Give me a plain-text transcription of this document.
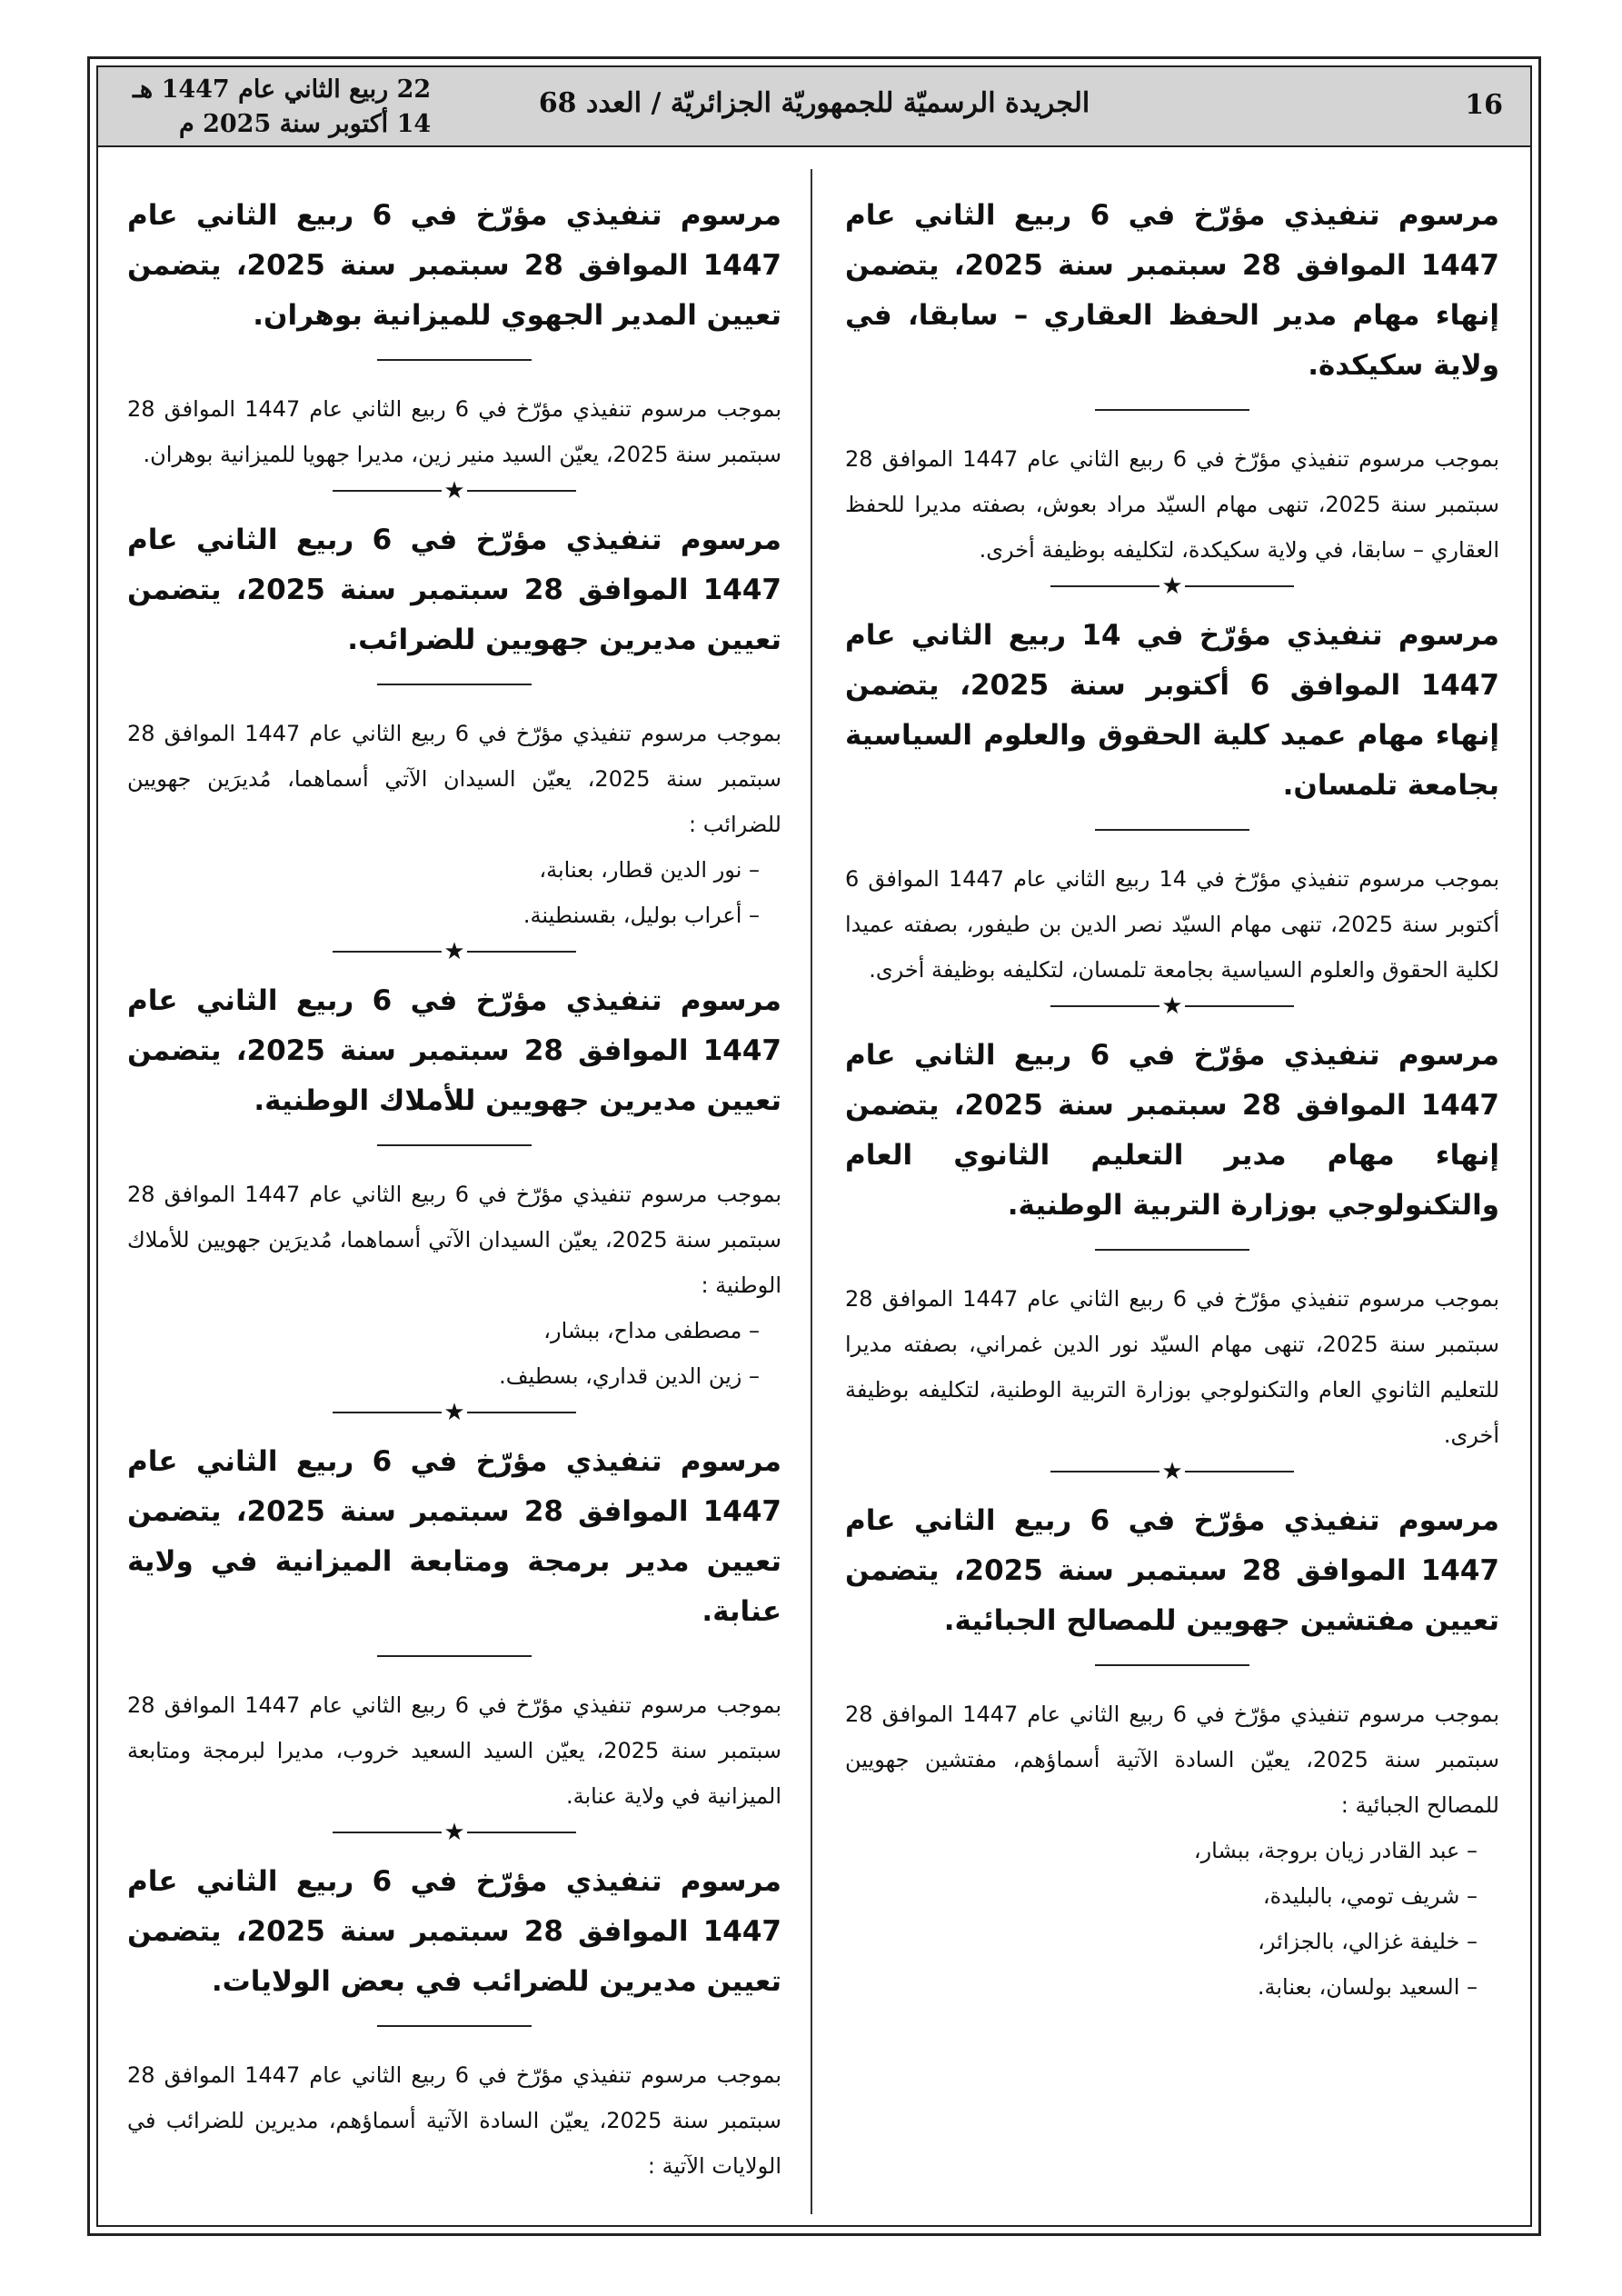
16
الجريدة الرسميّة للجمهوريّة الجزائريّة / العدد 68
22 ربيع الثاني عام 1447 هـ
14 أكتوبر سنة 2025 م

مرسوم تنفيذي مؤرّخ في 6 ربيع الثاني عام 1447 الموافق 28 سبتمبر سنة 2025، يتضمن إنهاء مهام مدير الحفظ العقاري – سابقا، في ولاية سكيكدة.

بموجب مرسوم تنفيذي مؤرّخ في 6 ربيع الثاني عام 1447 الموافق 28 سبتمبر سنة 2025، تنهى مهام السيّد مراد بعوش، بصفته مديرا للحفظ العقاري – سابقا، في ولاية سكيكدة، لتكليفه بوظيفة أخرى.

★

مرسوم تنفيذي مؤرّخ في 14 ربيع الثاني عام 1447 الموافق 6 أكتوبر سنة 2025، يتضمن إنهاء مهام عميد كلية الحقوق والعلوم السياسية بجامعة تلمسان.

بموجب مرسوم تنفيذي مؤرّخ في 14 ربيع الثاني عام 1447 الموافق 6 أكتوبر سنة 2025، تنهى مهام السيّد نصر الدين بن طيفور، بصفته عميدا لكلية الحقوق والعلوم السياسية بجامعة تلمسان، لتكليفه بوظيفة أخرى.

★

مرسوم تنفيذي مؤرّخ في 6 ربيع الثاني عام 1447 الموافق 28 سبتمبر سنة 2025، يتضمن إنهاء مهام مدير التعليم الثانوي العام والتكنولوجي بوزارة التربية الوطنية.

بموجب مرسوم تنفيذي مؤرّخ في 6 ربيع الثاني عام 1447 الموافق 28 سبتمبر سنة 2025، تنهى مهام السيّد نور الدين غمراني، بصفته مديرا للتعليم الثانوي العام والتكنولوجي بوزارة التربية الوطنية، لتكليفه بوظيفة أخرى.

★

مرسوم تنفيذي مؤرّخ في 6 ربيع الثاني عام 1447 الموافق 28 سبتمبر سنة 2025، يتضمن تعيين مفتشين جهويين للمصالح الجبائية.

بموجب مرسوم تنفيذي مؤرّخ في 6 ربيع الثاني عام 1447 الموافق 28 سبتمبر سنة 2025، يعيّن السادة الآتية أسماؤهم، مفتشين جهويين للمصالح الجبائية :

– عبد القادر زيان بروجة، ببشار،

– شريف تومي، بالبليدة،

– خليفة غزالي، بالجزائر،

– السعيد بولسان، بعنابة.

مرسوم تنفيذي مؤرّخ في 6 ربيع الثاني عام 1447 الموافق 28 سبتمبر سنة 2025، يتضمن تعيين المدير الجهوي للميزانية بوهران.

بموجب مرسوم تنفيذي مؤرّخ في 6 ربيع الثاني عام 1447 الموافق 28 سبتمبر سنة 2025، يعيّن السيد منير زين، مديرا جهويا للميزانية بوهران.

★

مرسوم تنفيذي مؤرّخ في 6 ربيع الثاني عام 1447 الموافق 28 سبتمبر سنة 2025، يتضمن تعيين مديرين جهويين للضرائب.

بموجب مرسوم تنفيذي مؤرّخ في 6 ربيع الثاني عام 1447 الموافق 28 سبتمبر سنة 2025، يعيّن السيدان الآتي أسماهما، مُديرَين جهويين للضرائب :

– نور الدين قطار، بعنابة،

– أعراب بوليل، بقسنطينة.

★

مرسوم تنفيذي مؤرّخ في 6 ربيع الثاني عام 1447 الموافق 28 سبتمبر سنة 2025، يتضمن تعيين مديرين جهويين للأملاك الوطنية.

بموجب مرسوم تنفيذي مؤرّخ في 6 ربيع الثاني عام 1447 الموافق 28 سبتمبر سنة 2025، يعيّن السيدان الآتي أسماهما، مُديرَين جهويين للأملاك الوطنية :

– مصطفى مداح، ببشار،

– زين الدين قداري، بسطيف.

★

مرسوم تنفيذي مؤرّخ في 6 ربيع الثاني عام 1447 الموافق 28 سبتمبر سنة 2025، يتضمن تعيين مدير برمجة ومتابعة الميزانية في ولاية عنابة.

بموجب مرسوم تنفيذي مؤرّخ في 6 ربيع الثاني عام 1447 الموافق 28 سبتمبر سنة 2025، يعيّن السيد السعيد خروب، مديرا لبرمجة ومتابعة الميزانية في ولاية عنابة.

★

مرسوم تنفيذي مؤرّخ في 6 ربيع الثاني عام 1447 الموافق 28 سبتمبر سنة 2025، يتضمن تعيين مديرين للضرائب في بعض الولايات.

بموجب مرسوم تنفيذي مؤرّخ في 6 ربيع الثاني عام 1447 الموافق 28 سبتمبر سنة 2025، يعيّن السادة الآتية أسماؤهم، مديرين للضرائب في الولايات الآتية :
